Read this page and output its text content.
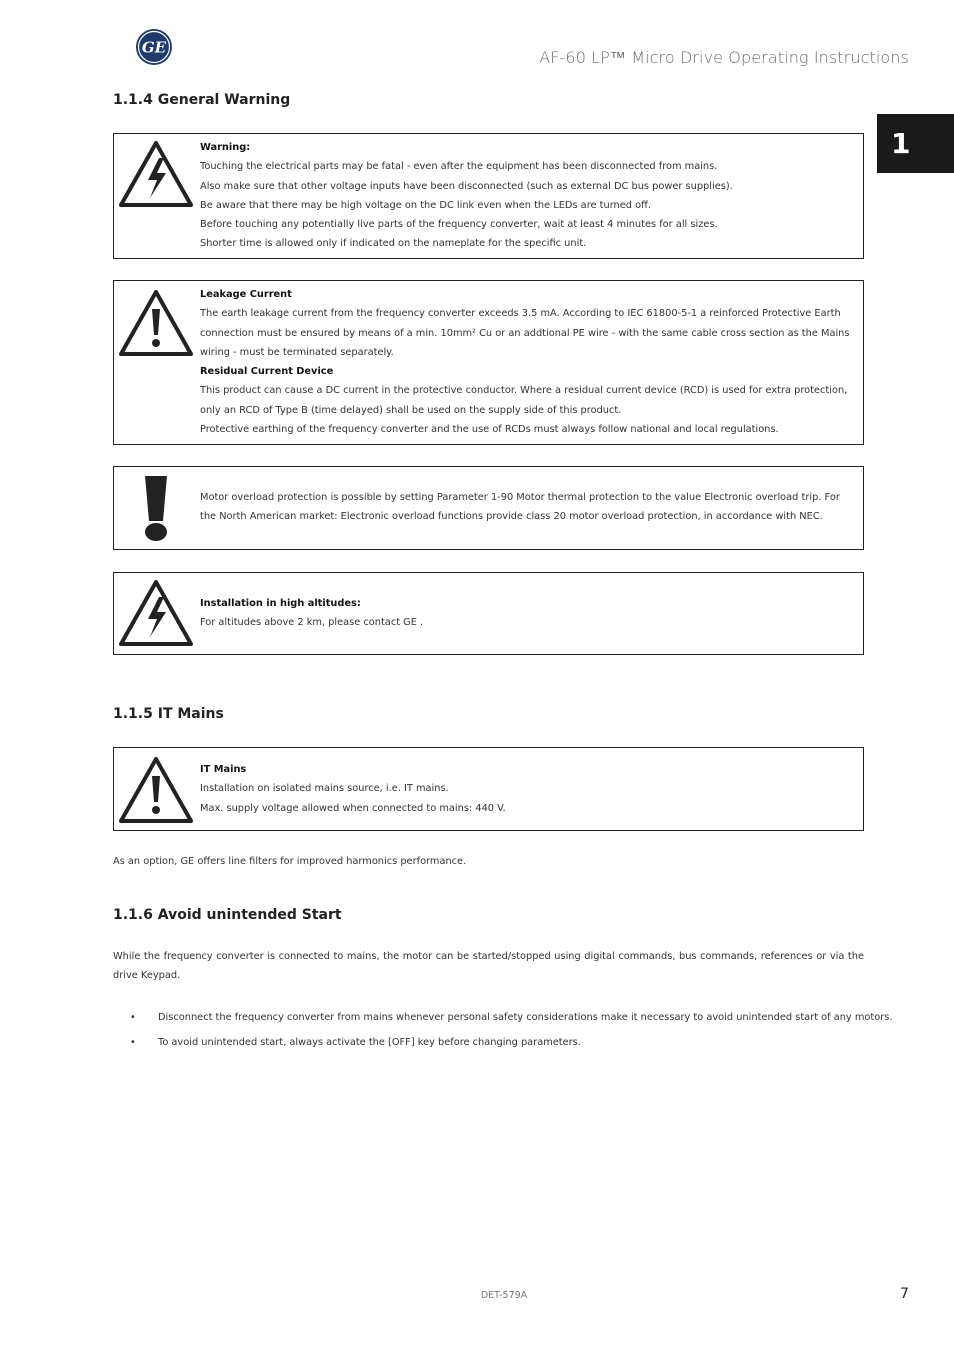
GE
AF-60 LP™ Micro Drive Operating Instructions
1
1.1.4 General Warning
Warning:
Touching the electrical parts may be fatal - even after the equipment has been disconnected from mains.
Also make sure that other voltage inputs have been disconnected (such as external DC bus power supplies).
Be aware that there may be high voltage on the DC link even when the LEDs are turned off.
Before touching any potentially live parts of the frequency converter, wait at least 4 minutes for all sizes.
Shorter time is allowed only if indicated on the nameplate for the specific unit.
Leakage Current
The earth leakage current from the frequency converter exceeds 3.5 mA. According to IEC 61800-5-1 a reinforced Protective Earth connection must be ensured by means of a min. 10mm² Cu or an addtional PE wire - with the same cable cross section as the Mains wiring - must be terminated separately.
Residual Current Device
This product can cause a DC current in the protective conductor. Where a residual current device (RCD) is used for extra protection, only an RCD of Type B (time delayed) shall be used on the supply side of this product.
Protective earthing of the frequency converter and the use of RCDs must always follow national and local regulations.
Motor overload protection is possible by setting Parameter 1-90 Motor thermal protection to the value Electronic overload trip. For the North American market: Electronic overload functions provide class 20 motor overload protection, in accordance with NEC.
Installation in high altitudes:
For altitudes above 2 km, please contact GE .
1.1.5 IT Mains
IT Mains
Installation on isolated mains source, i.e. IT mains.
Max. supply voltage allowed when connected to mains: 440 V.
As an option, GE offers line filters for improved harmonics performance.
1.1.6 Avoid unintended Start
While the frequency converter is connected to mains, the motor can be started/stopped using digital commands, bus commands, references or via the drive Keypad.
• Disconnect the frequency converter from mains whenever personal safety considerations make it necessary to avoid unintended start of any motors.
• To avoid unintended start, always activate the [OFF] key before changing parameters.
DET-579A	7
